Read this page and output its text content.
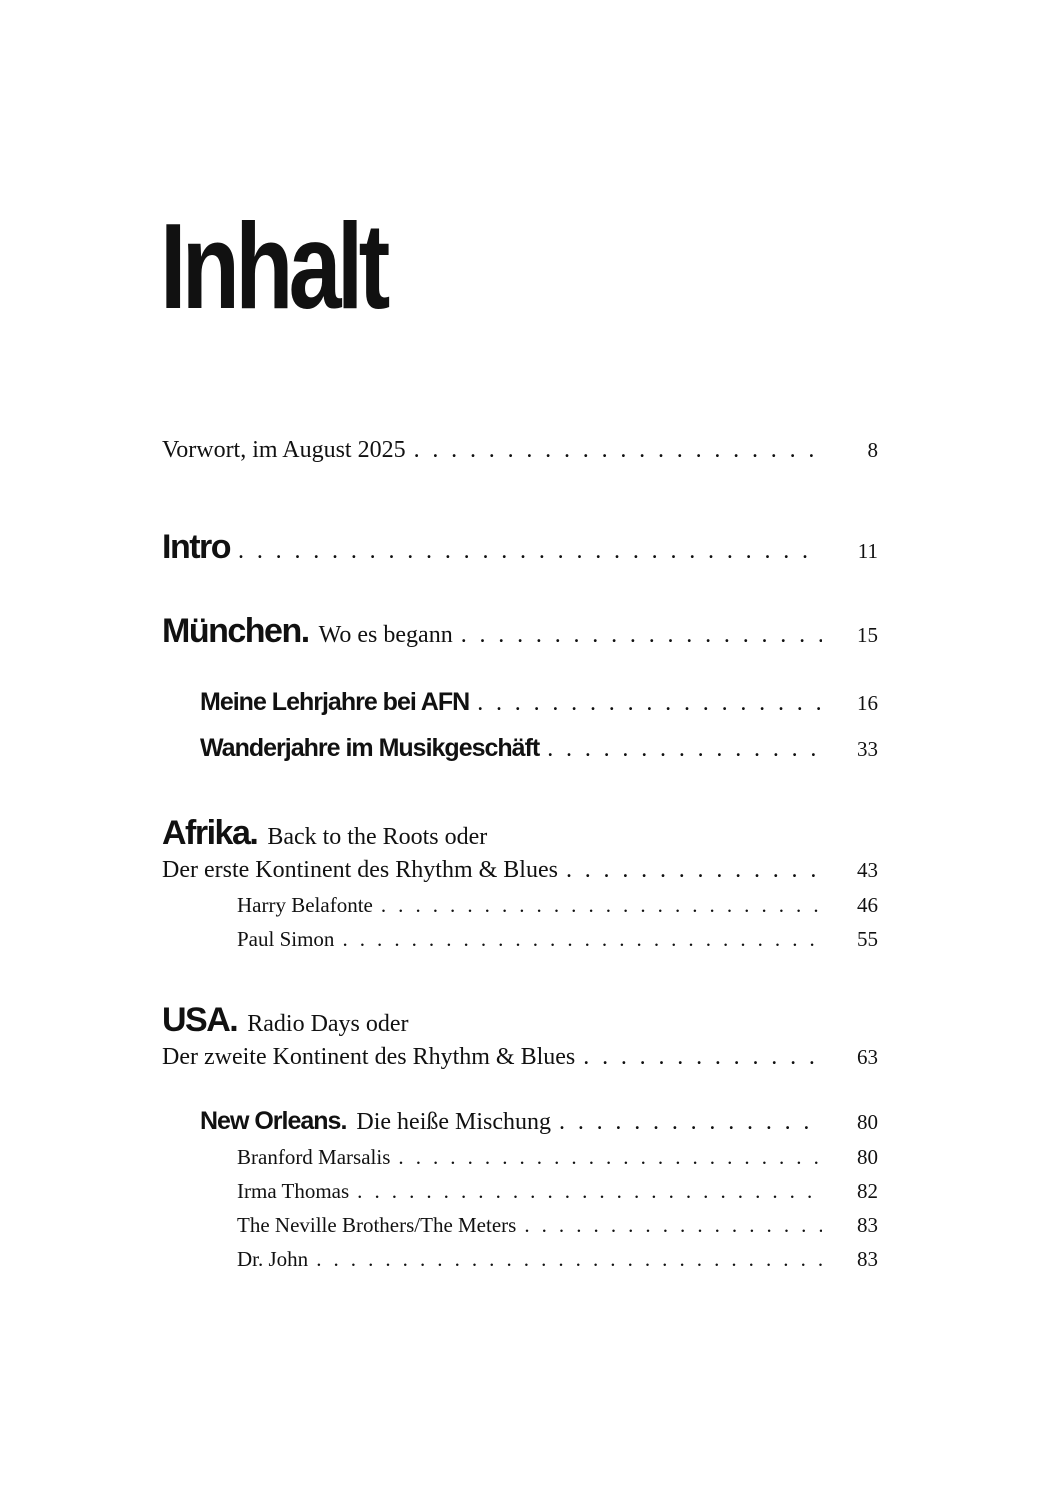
Inhalt
Vorwort, im August 2025 . . .	8
Intro . . .	11
München. Wo es begann . . .	15
Meine Lehrjahre bei AFN . . .	16
Wanderjahre im Musikgeschäft . . .	33
Afrika. Back to the Roots oder
Der erste Kontinent des Rhythm & Blues . . .	43
Harry Belafonte . . .	46
Paul Simon . . .	55
USA. Radio Days oder
Der zweite Kontinent des Rhythm & Blues . . .	63
New Orleans. Die heiße Mischung . . .	80
Branford Marsalis . . .	80
Irma Thomas . . .	82
The Neville Brothers/The Meters . . .	83
Dr. John . . .	83
